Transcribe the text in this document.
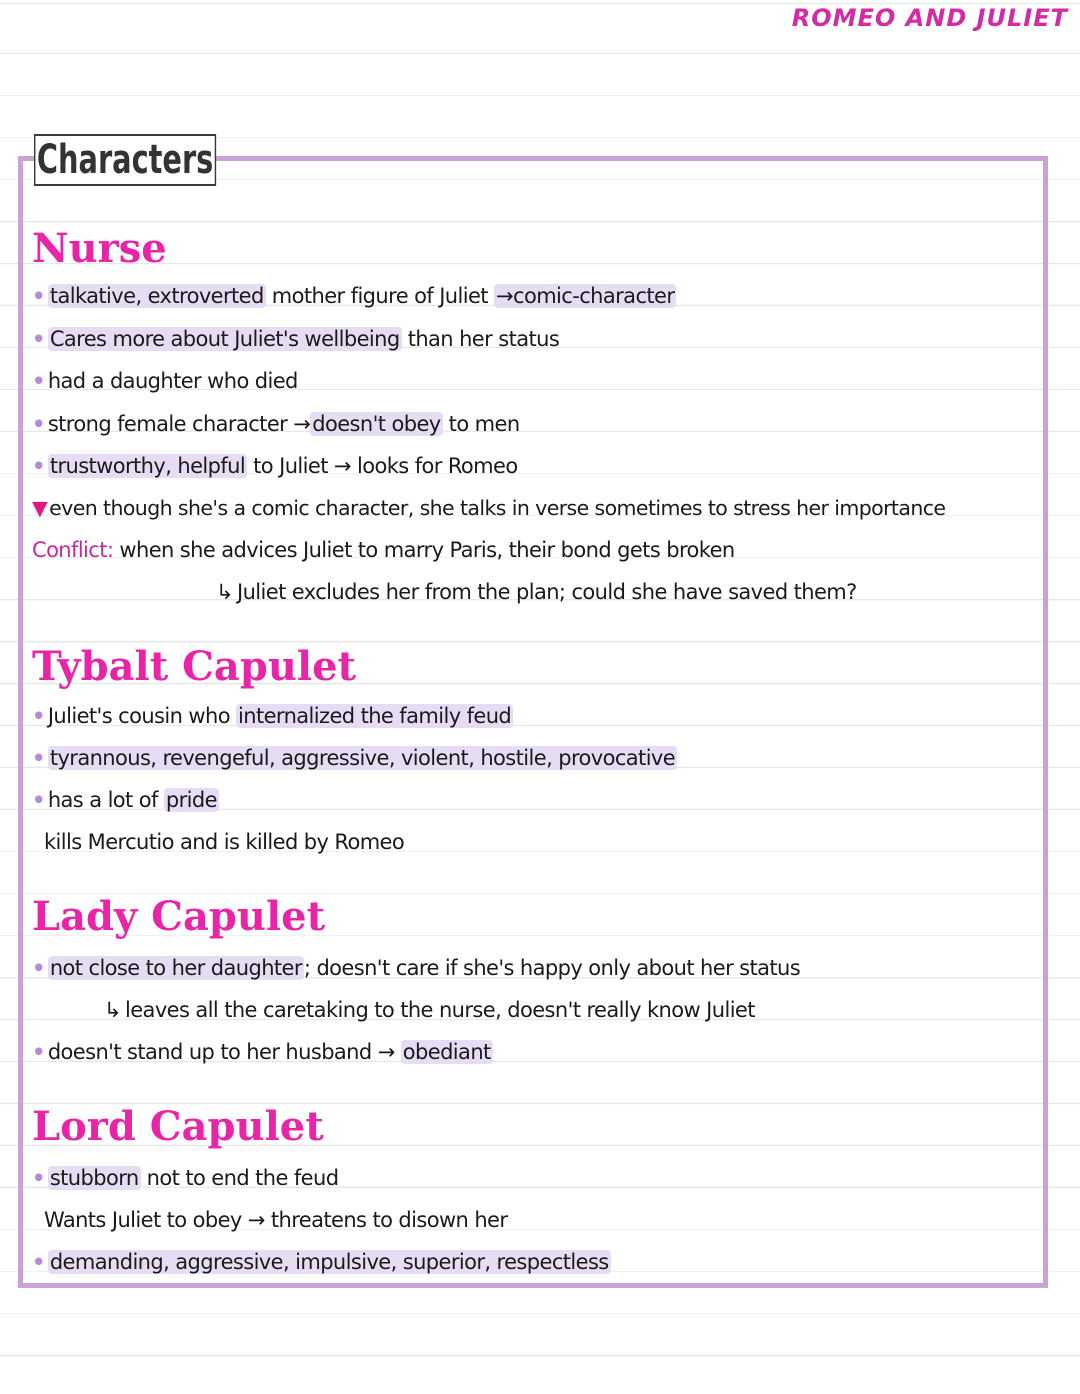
ROMEO AND JULIET
Characters
Nurse

• talkative, extroverted mother figure of Juliet →comic-character

• Cares more about Juliet's wellbeing than her status

• had a daughter who died

• strong female character →doesn't obey to men

• trustworthy, helpful to Juliet → looks for Romeo

▼even though she's a comic character, she talks in verse sometimes to stress her importance

Conflict: when she advices Juliet to marry Paris, their bond gets broken

↳ Juliet excludes her from the plan; could she have saved them?

Tybalt Capulet

• Juliet's cousin who internalized the family feud

• tyrannous, revengeful, aggressive, violent, hostile, provocative

• has a lot of pride

kills Mercutio and is killed by Romeo

Lady Capulet

• not close to her daughter; doesn't care if she's happy only about her status

↳ leaves all the caretaking to the nurse, doesn't really know Juliet

• doesn't stand up to her husband → obediant

Lord Capulet

• stubborn not to end the feud

Wants Juliet to obey → threatens to disown her

• demanding, aggressive, impulsive, superior, respectless
